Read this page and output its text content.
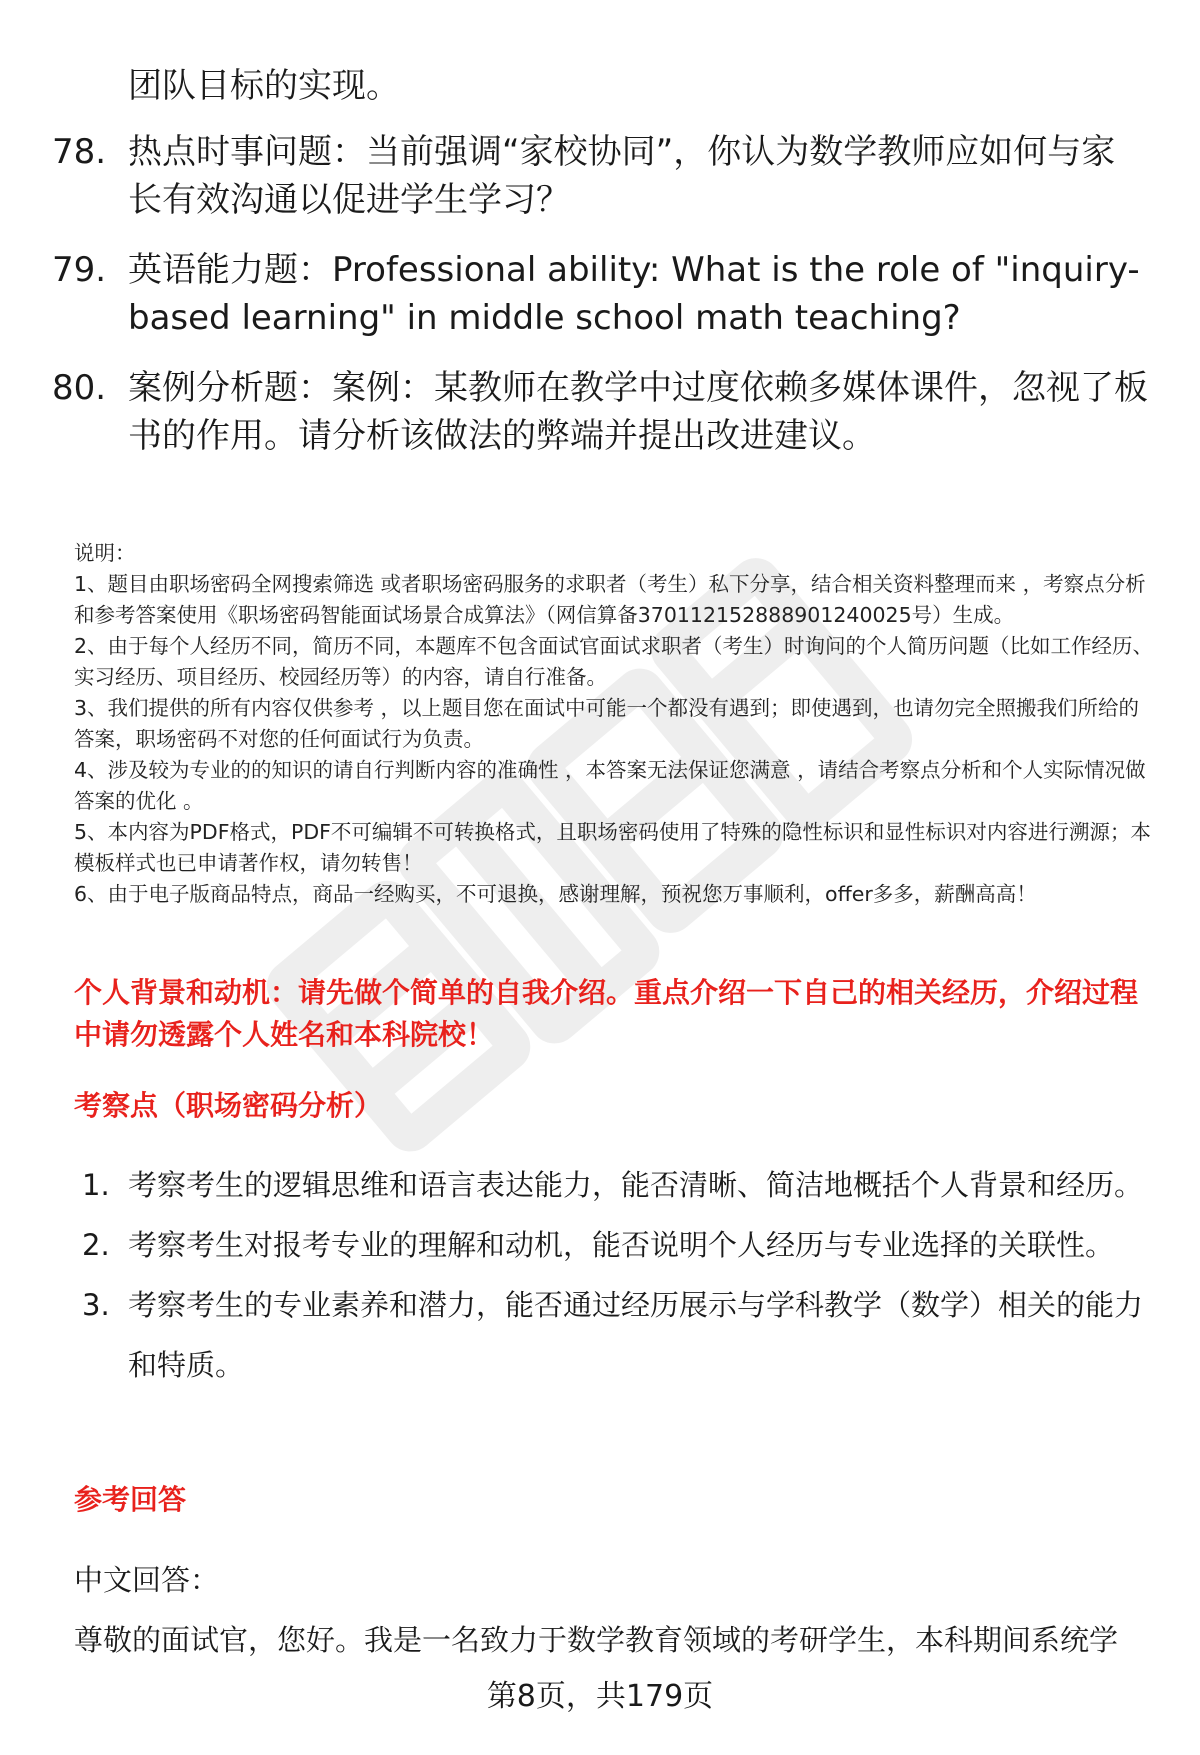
职场密码
团队目标的实现。
78. 热点时事问题：当前强调“家校协同”，你认为数学教师应如何与家长有效沟通以促进学生学习？
79. 英语能力题：Professional ability: What is the role of "inquiry-based learning" in middle school math teaching?
80. 案例分析题：案例：某教师在教学中过度依赖多媒体课件，忽视了板书的作用。请分析该做法的弊端并提出改进建议。

说明：

1、题目由职场密码全网搜索筛选 或者职场密码服务的求职者（考生）私下分享，结合相关资料整理而来 ，考察点分析和参考答案使用《职场密码智能面试场景合成算法》（网信算备370112152888901240025号）生成。

2、由于每个人经历不同，简历不同，本题库不包含面试官面试求职者（考生）时询问的个人简历问题（比如工作经历、实习经历、项目经历、校园经历等）的内容，请自行准备。

3、我们提供的所有内容仅供参考 ，以上题目您在面试中可能一个都没有遇到；即使遇到，也请勿完全照搬我们所给的答案，职场密码不对您的任何面试行为负责。

4、涉及较为专业的的知识的请自行判断内容的准确性 ，本答案无法保证您满意 ，请结合考察点分析和个人实际情况做答案的优化 。

5、本内容为PDF格式，PDF不可编辑不可转换格式，且职场密码使用了特殊的隐性标识和显性标识对内容进行溯源；本模板样式也已申请著作权，请勿转售！

6、由于电子版商品特点，商品一经购买，不可退换，感谢理解，预祝您万事顺利，offer多多，薪酬高高！

个人背景和动机：请先做个简单的自我介绍。重点介绍一下自己的相关经历，介绍过程中请勿透露个人姓名和本科院校！
考察点（职场密码分析）
1. 考察考生的逻辑思维和语言表达能力，能否清晰、简洁地概括个人背景和经历。
2. 考察考生对报考专业的理解和动机，能否说明个人经历与专业选择的关联性。
3. 考察考生的专业素养和潜力，能否通过经历展示与学科教学（数学）相关的能力和特质。
参考回答
中文回答：
尊敬的面试官，您好。我是一名致力于数学教育领域的考研学生，本科期间系统学
第8页，共179页
